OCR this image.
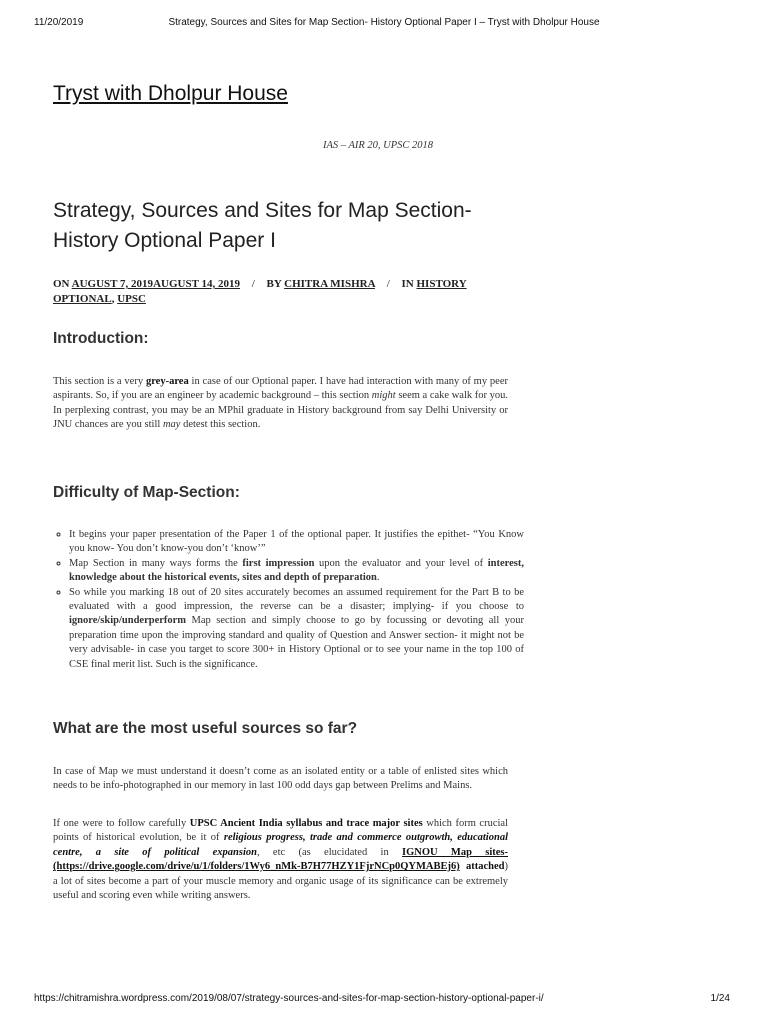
11/20/2019	Strategy, Sources and Sites for Map Section- History Optional Paper I – Tryst with Dholpur House
Tryst with Dholpur House
IAS – AIR 20, UPSC 2018
Strategy, Sources and Sites for Map Section- History Optional Paper I
ON AUGUST 7, 2019AUGUST 14, 2019 / BY CHITRA MISHRA / IN HISTORY OPTIONAL, UPSC
Introduction:

This section is a very grey-area in case of our Optional paper. I have had interaction with many of my peer aspirants. So, if you are an engineer by academic background – this section might seem a cake walk for you. In perplexing contrast, you may be an MPhil graduate in History background from say Delhi University or JNU chances are you still may detest this section.

Difficulty of Map-Section:
◦ It begins your paper presentation of the Paper 1 of the optional paper. It justifies the epithet- “You Know you know- You don’t know-you don’t ‘know’”
◦ Map Section in many ways forms the first impression upon the evaluator and your level of interest, knowledge about the historical events, sites and depth of preparation.
◦ So while you marking 18 out of 20 sites accurately becomes an assumed requirement for the Part B to be evaluated with a good impression, the reverse can be a disaster; implying- if you choose to ignore/skip/underperform Map section and simply choose to go by focussing or devoting all your preparation time upon the improving standard and quality of Question and Answer section- it might not be very advisable- in case you target to score 300+ in History Optional or to see your name in the top 100 of CSE final merit list. Such is the significance.
What are the most useful sources so far?

In case of Map we must understand it doesn’t come as an isolated entity or a table of enlisted sites which needs to be info-photographed in our memory in last 100 odd days gap between Prelims and Mains.

If one were to follow carefully UPSC Ancient India syllabus and trace major sites which form crucial points of historical evolution, be it of religious progress, trade and commerce outgrowth, educational centre, a site of political expansion, etc (as elucidated in IGNOU Map sites- (https://drive.google.com/drive/u/1/folders/1Wy6_nMk-B7H77HZY1FjrNCp0QYMABEj6) attached) a lot of sites become a part of your muscle memory and organic usage of its significance can be extremely useful and scoring even while writing answers.

https://chitramishra.wordpress.com/2019/08/07/strategy-sources-and-sites-for-map-section-history-optional-paper-i/	1/24
